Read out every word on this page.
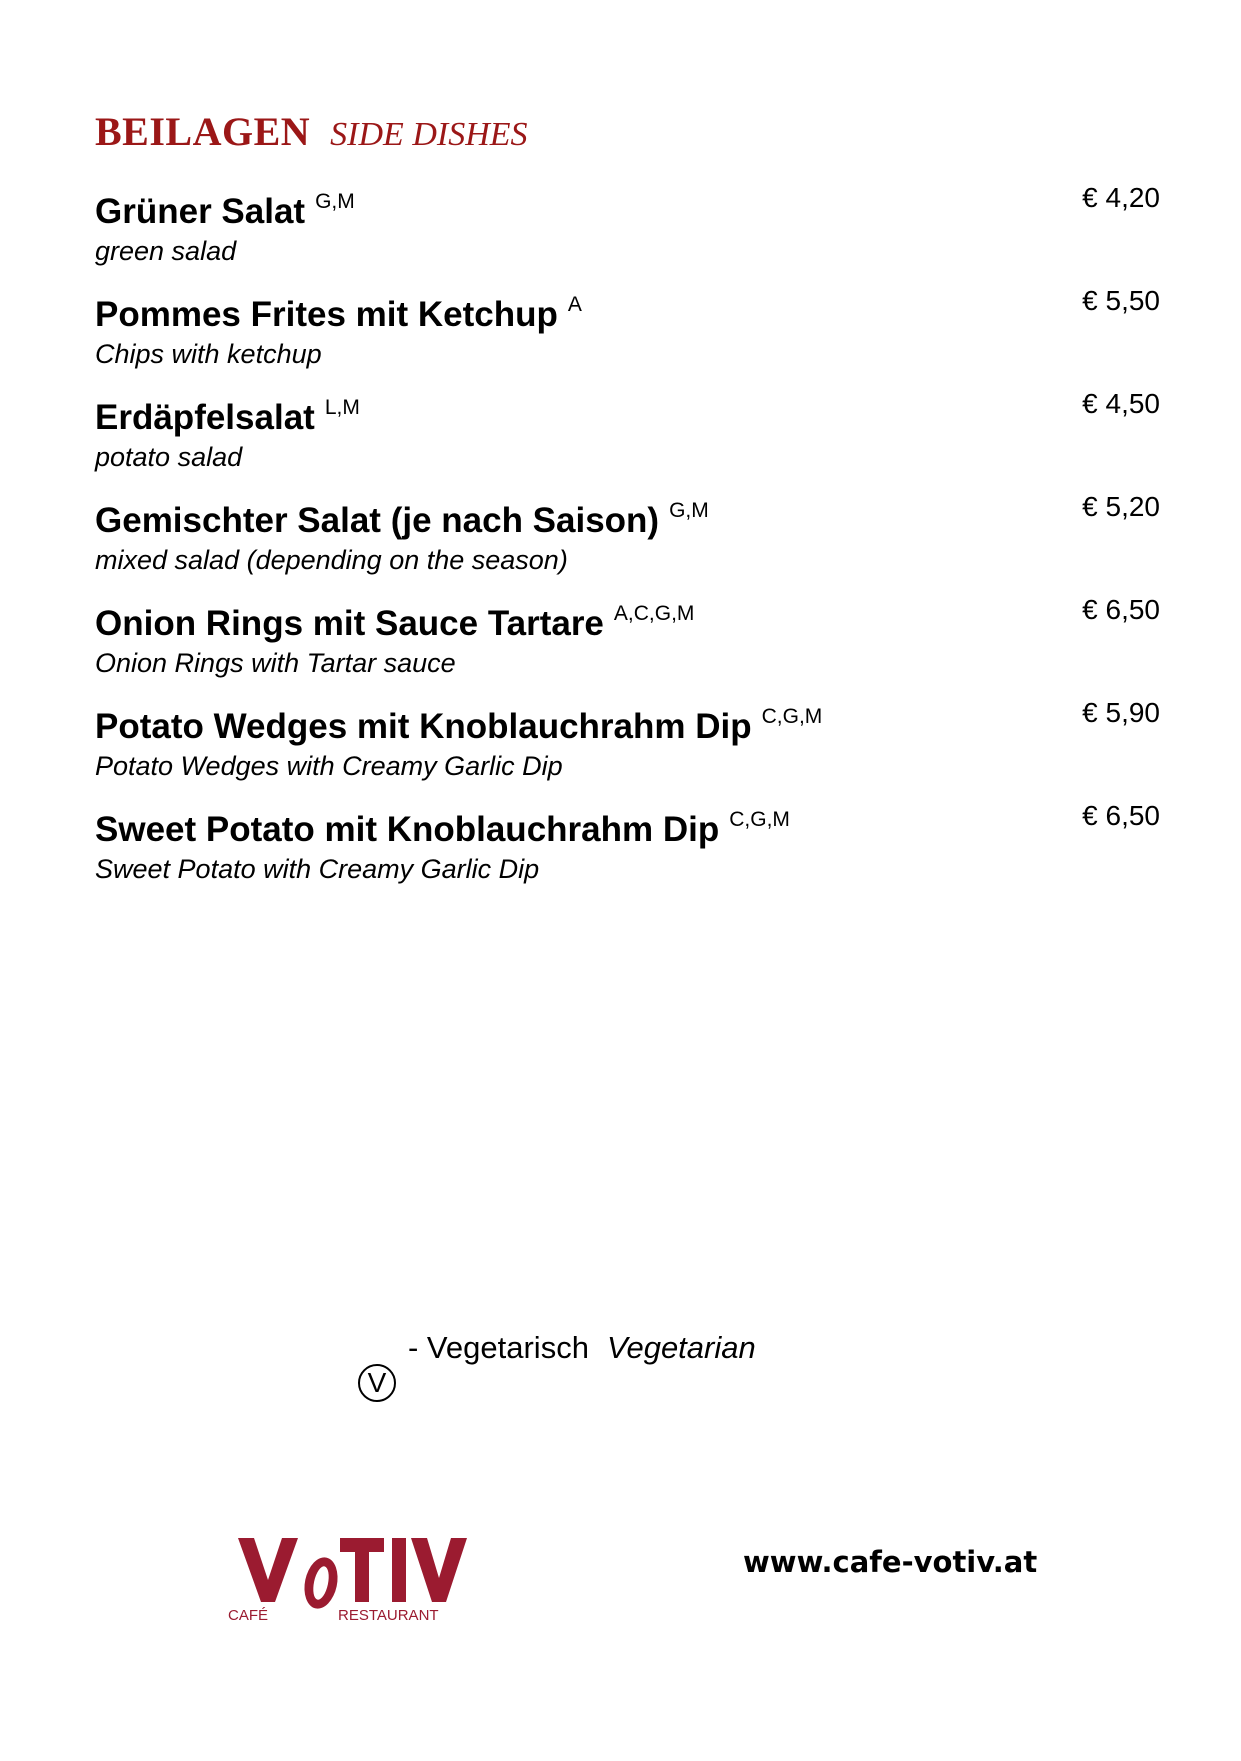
BEILAGEN SIDE DISHES
Grüner Salat $^{G,M}$
green salad
€ 4,20
Pommes Frites mit Ketchup $^A$
Chips with ketchup
€ 5,50
Erdäpfelsalat $^{L,M}$
potato salad
€ 4,50
Gemischter Salat (je nach Saison) $^{G,M}$
mixed salad (depending on the season)
€ 5,20
Onion Rings mit Sauce Tartare $^{A,C,G,M}$
Onion Rings with Tartar sauce
€ 6,50
Potato Wedges mit Knoblauchrahm Dip $^{C,G,M}$
Potato Wedges with Creamy Garlic Dip
€ 5,90
Sweet Potato mit Knoblauchrahm Dip $^{C,G,M}$
Sweet Potato with Creamy Garlic Dip
€ 6,50
V
- Vegetarisch Vegetarian
CAFÉ	RESTAURANT
www.cafe-votiv.at
